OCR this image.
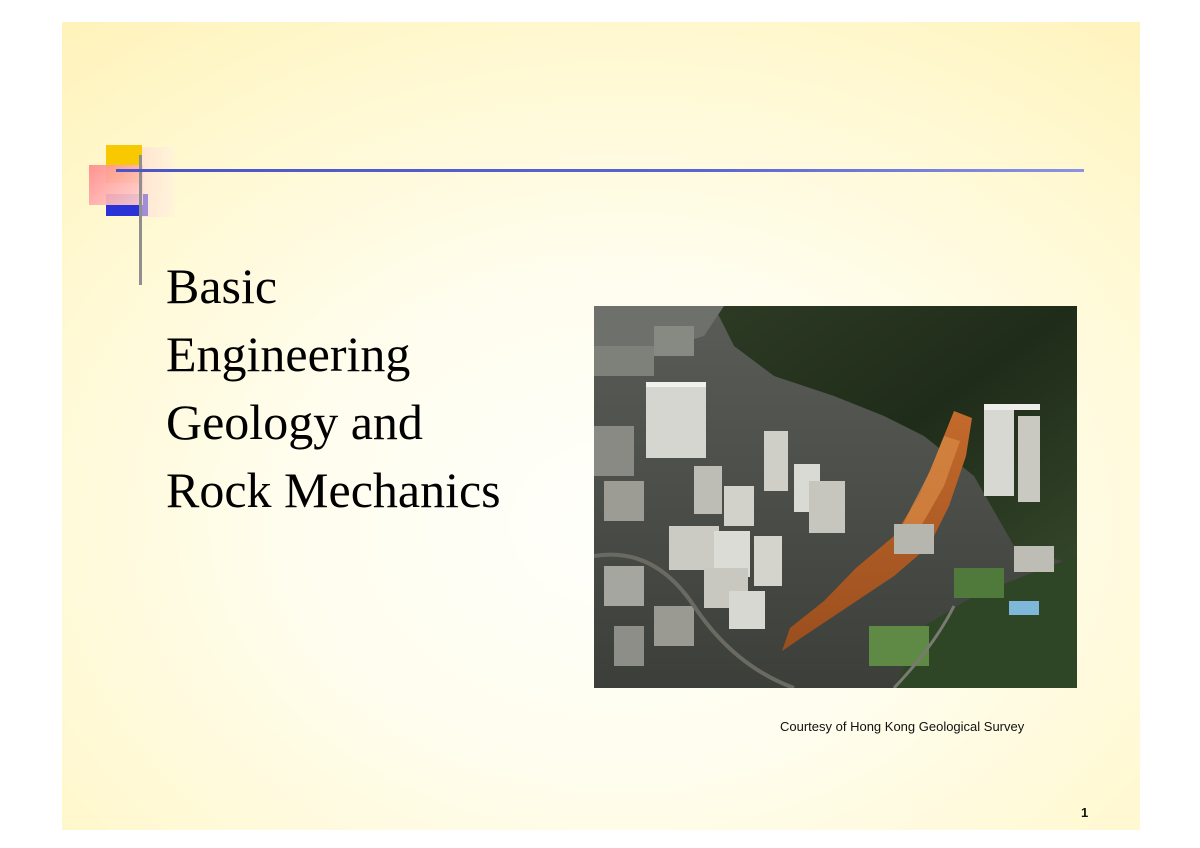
Basic
Engineering
Geology and
Rock Mechanics
Courtesy of Hong Kong Geological Survey
1
